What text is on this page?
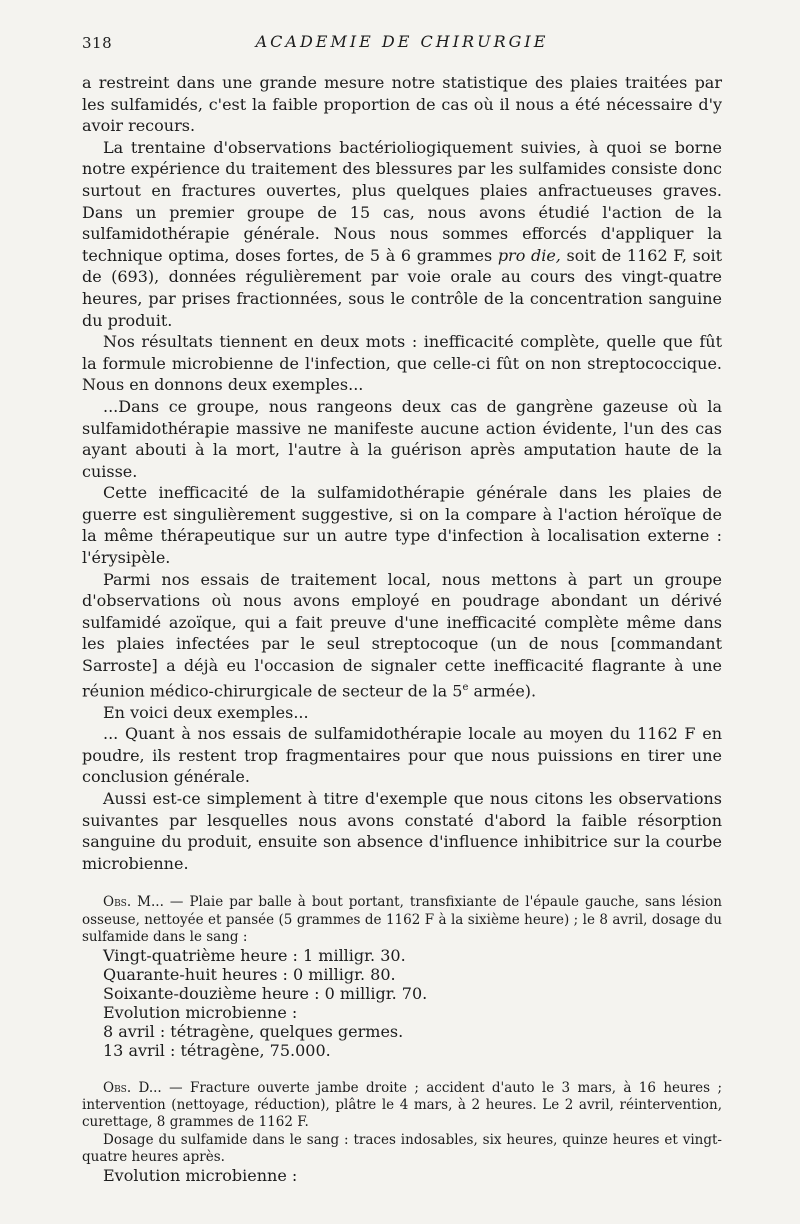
318	ACADEMIE DE CHIRURGIE

a restreint dans une grande mesure notre statistique des plaies traitées par les sulfamidés, c'est la faible proportion de cas où il nous a été nécessaire d'y avoir recours.

La trentaine d'observations bactérioliogiquement suivies, à quoi se borne notre expérience du traitement des blessures par les sulfamides consiste donc surtout en fractures ouvertes, plus quelques plaies anfractueuses graves. Dans un premier groupe de 15 cas, nous avons étudié l'action de la sulfamidothérapie générale. Nous nous sommes efforcés d'appliquer la technique optima, doses fortes, de 5 à 6 grammes pro die, soit de 1162 F, soit de (693), données régulièrement par voie orale au cours des vingt-quatre heures, par prises fractionnées, sous le contrôle de la concentration sanguine du produit.

Nos résultats tiennent en deux mots : inefficacité complète, quelle que fût la formule microbienne de l'infection, que celle-ci fût on non streptococcique. Nous en donnons deux exemples...

...Dans ce groupe, nous rangeons deux cas de gangrène gazeuse où la sulfamidothérapie massive ne manifeste aucune action évidente, l'un des cas ayant abouti à la mort, l'autre à la guérison après amputation haute de la cuisse.

Cette inefficacité de la sulfamidothérapie générale dans les plaies de guerre est singulièrement suggestive, si on la compare à l'action héroïque de la même thérapeutique sur un autre type d'infection à localisation externe : l'érysipèle.

Parmi nos essais de traitement local, nous mettons à part un groupe d'observations où nous avons employé en poudrage abondant un dérivé sulfamidé azoïque, qui a fait preuve d'une inefficacité complète même dans les plaies infectées par le seul streptocoque (un de nous [commandant Sarroste] a déjà eu l'occasion de signaler cette inefficacité flagrante à une réunion médico-chirurgicale de secteur de la 5e armée).

En voici deux exemples...

... Quant à nos essais de sulfamidothérapie locale au moyen du 1162 F en poudre, ils restent trop fragmentaires pour que nous puissions en tirer une conclusion générale.

Aussi est-ce simplement à titre d'exemple que nous citons les observations suivantes par lesquelles nous avons constaté d'abord la faible résorption sanguine du produit, ensuite son absence d'influence inhibitrice sur la courbe microbienne.

Obs. M... — Plaie par balle à bout portant, transfixiante de l'épaule gauche, sans lésion osseuse, nettoyée et pansée (5 grammes de 1162 F à la sixième heure) ; le 8 avril, dosage du sulfamide dans le sang :

Vingt-quatrième heure : 1 milligr. 30.
Quarante-huit heures : 0 milligr. 80.
Soixante-douzième heure : 0 milligr. 70.
Evolution microbienne :
8 avril : tétragène, quelques germes.
13 avril : tétragène, 75.000.

Obs. D... — Fracture ouverte jambe droite ; accident d'auto le 3 mars, à 16 heures ; intervention (nettoyage, réduction), plâtre le 4 mars, à 2 heures. Le 2 avril, réintervention, curettage, 8 grammes de 1162 F.

Dosage du sulfamide dans le sang : traces indosables, six heures, quinze heures et vingt-quatre heures après.

Evolution microbienne :
